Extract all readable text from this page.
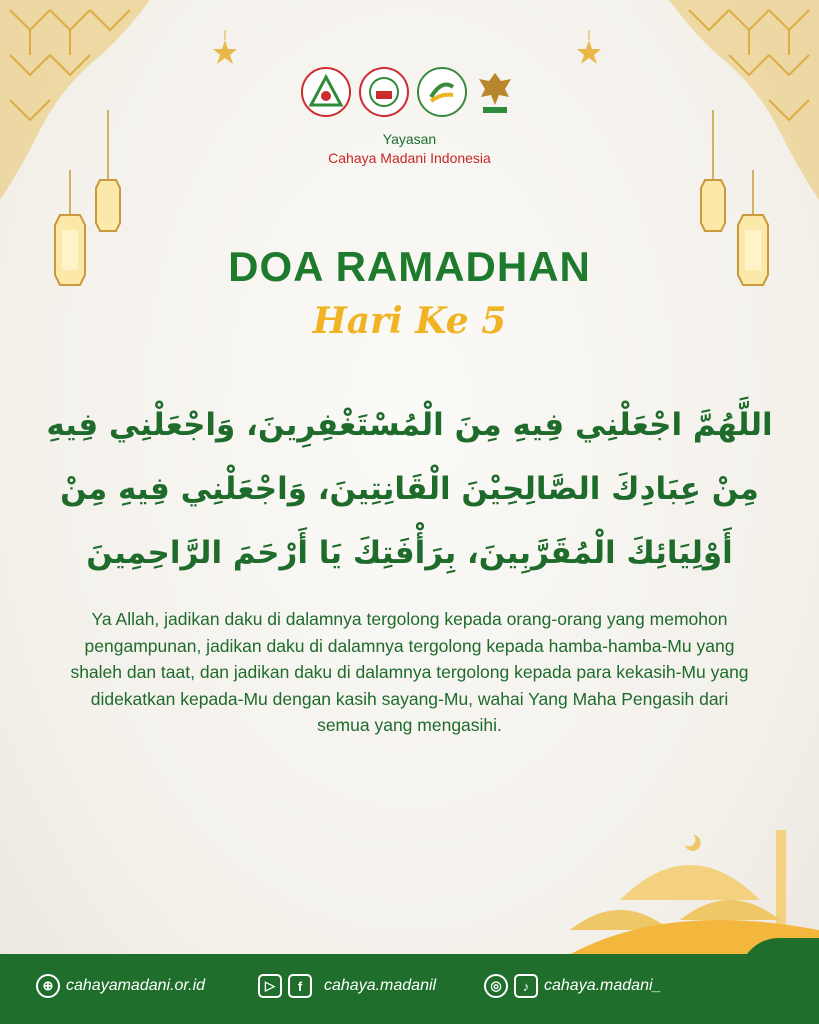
Yayasan
Cahaya Madani Indonesia
DOA RAMADHAN
Hari Ke 5
اللَّهُمَّ اجْعَلْنِي فِيهِ مِنَ الْمُسْتَغْفِرِينَ، وَاجْعَلْنِي فِيهِ مِنْ عِبَادِكَ الصَّالِحِيْنَ الْقَانِتِينَ، وَاجْعَلْنِي فِيهِ مِنْ أَوْلِيَائِكَ الْمُقَرَّبِينَ، بِرَأْفَتِكَ يَا أَرْحَمَ الرَّاحِمِينَ
Ya Allah, jadikan daku di dalamnya tergolong kepada orang-orang yang memohon pengampunan, jadikan daku di dalamnya tergolong kepada hamba-hamba-Mu yang shaleh dan taat, dan jadikan daku di dalamnya tergolong kepada para kekasih-Mu yang didekatkan kepada-Mu dengan kasih sayang-Mu, wahai Yang Maha Pengasih dari semua yang mengasihi.
⊕ cahayamadani.or.id	▷	f	cahaya.madanil	◎	♪ cahaya.madani_
